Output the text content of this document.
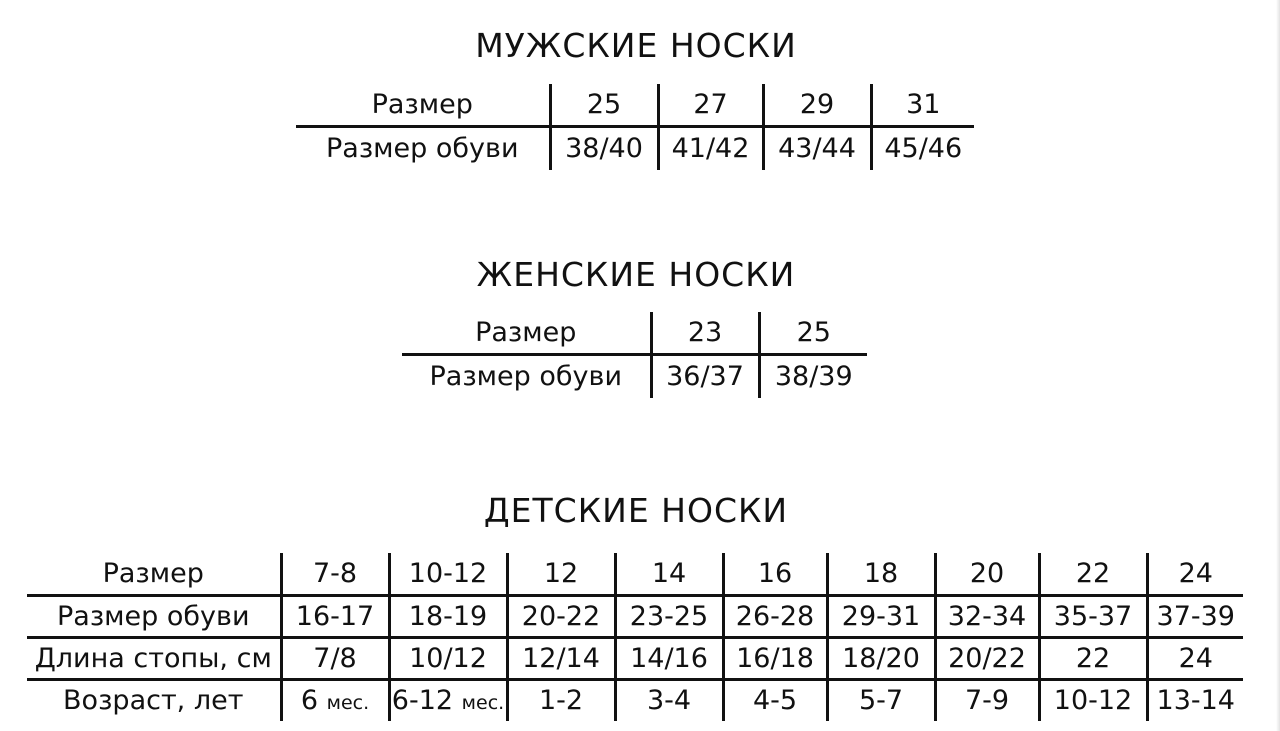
МУЖСКИЕ НОСКИ
Размер	25	27	29	31
Размер обуви	38/40	41/42	43/44	45/46
ЖЕНСКИЕ НОСКИ
Размер	23	25
Размер обуви	36/37	38/39
ДЕТСКИЕ НОСКИ
Размер	7-8	10-12	12	14	16	18	20	22	24
Размер обуви	16-17	18-19	20-22	23-25	26-28	29-31	32-34	35-37	37-39
Длина стопы, см	7/8	10/12	12/14	14/16	16/18	18/20	20/22	22	24
Возраст, лет	6 мес.	6-12 мес.	1-2	3-4	4-5	5-7	7-9	10-12	13-14
